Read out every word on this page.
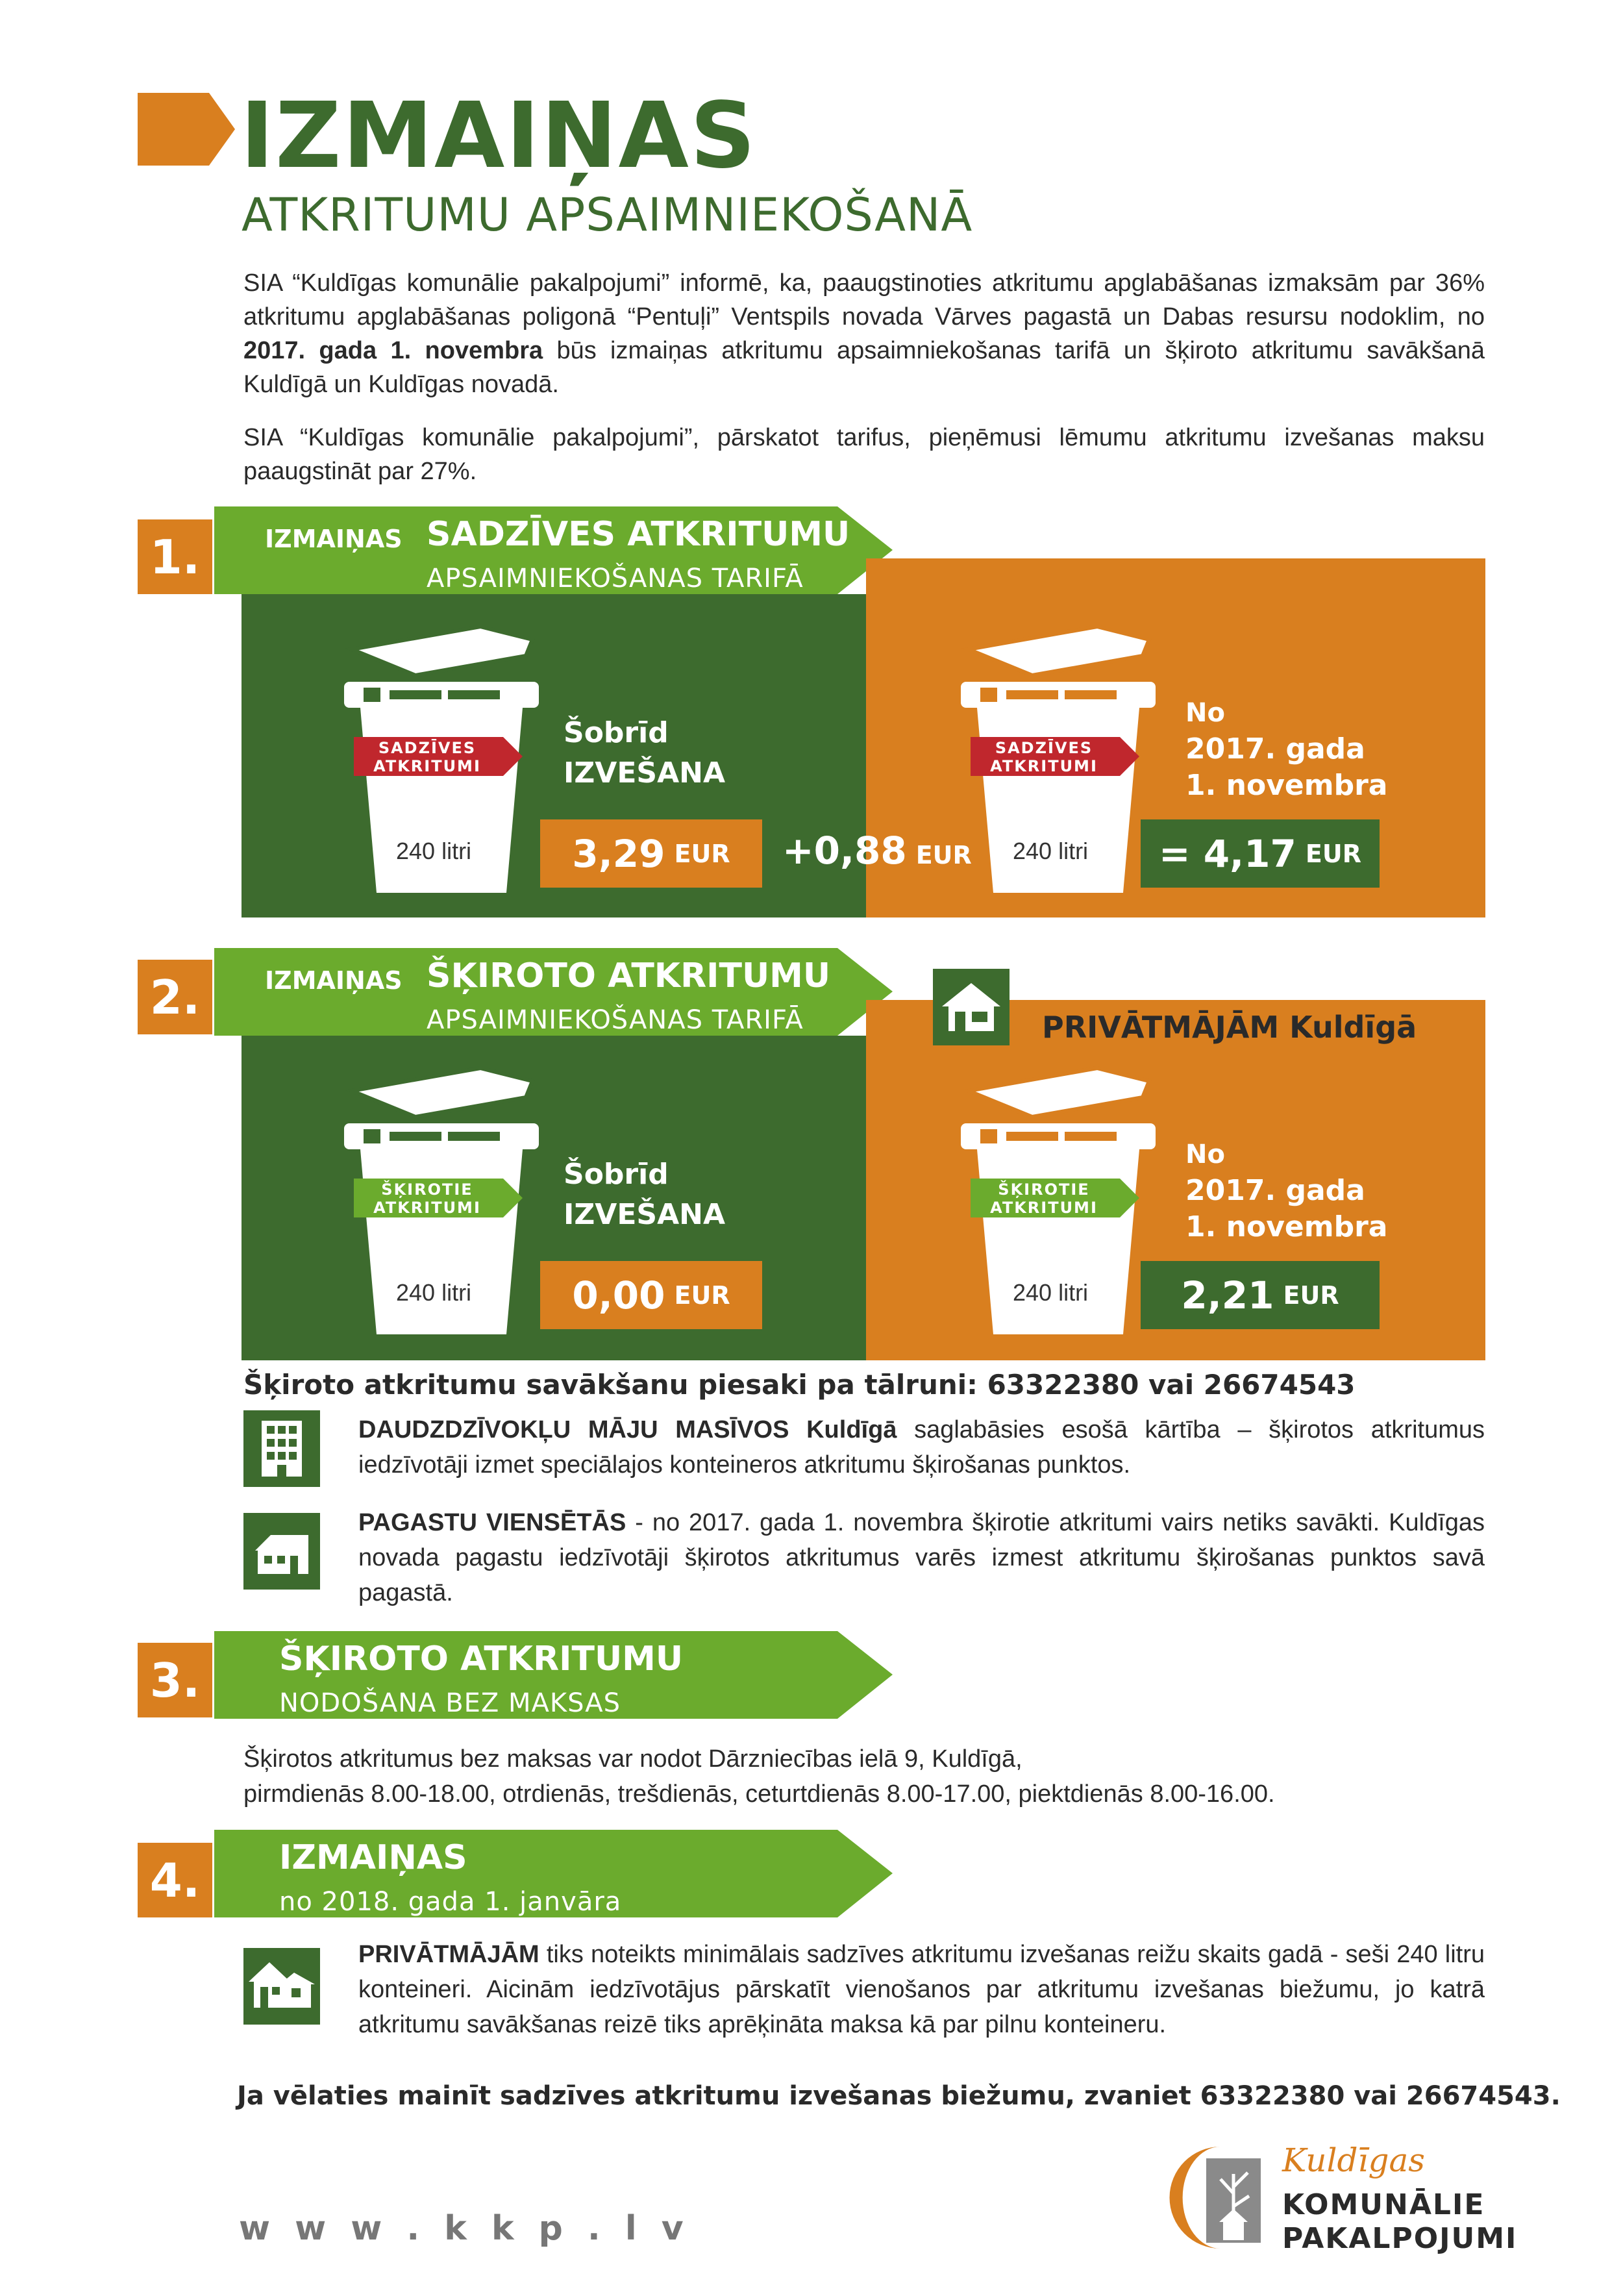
IZMAIŅAS
ATKRITUMU APSAIMNIEKOŠANĀ
SIA “Kuldīgas komunālie pakalpojumi” informē, ka, paaugstinoties atkritumu apglabāšanas izmaksām par 36% atkritumu apglabāšanas poligonā “Pentuļi” Ventspils novada Vārves pagastā un Dabas resursu nodoklim, no 2017. gada 1. novembra būs izmaiņas atkritumu apsaimniekošanas tarifā un šķiroto atkritumu savākšanā Kuldīgā un Kuldīgas novadā.
SIA “Kuldīgas komunālie pakalpojumi”, pārskatot tarifus, pieņēmusi lēmumu atkritumu izvešanas maksu paaugstināt par 27%.
1.	IZMAIŅAS SADZĪVES ATKRITUMU
APSAIMNIEKOŠANAS TARIFĀ
SADZĪVES
ATKRITUMI
240 litri
Šobrīd
IZVEŠANA
3,29 EUR +0,88 EUR
SADZĪVES
ATKRITUMI
240 litri
No
2017. gada
1. novembra
= 4,17 EUR
2.	IZMAIŅAS ŠĶIROTO ATKRITUMU
APSAIMNIEKOŠANAS TARIFĀ	PRIVĀTMĀJĀM Kuldīgā
ŠĶIROTIE
ATKRITUMI
240 litri
Šobrīd
IZVEŠANA
0,00 EUR
ŠĶIROTIE
ATKRITUMI
240 litri
No
2017. gada
1. novembra
2,21 EUR
Šķiroto atkritumu savākšanu piesaki pa tālruni: 63322380 vai 26674543
DAUDZDZĪVOKĻU MĀJU MASĪVOS Kuldīgā saglabāsies esošā kārtība – šķirotos atkritumus iedzīvotāji izmet speciālajos konteineros atkritumu šķirošanas punktos.
PAGASTU VIENSĒTĀS - no 2017. gada 1. novembra šķirotie atkritumi vairs netiks savākti. Kuldīgas novada pagastu iedzīvotāji šķirotos atkritumus varēs izmest atkritumu šķirošanas punktos savā pagastā.
3.	ŠĶIROTO ATKRITUMU
NODOŠANA BEZ MAKSAS
Šķirotos atkritumus bez maksas var nodot Dārzniecības ielā 9, Kuldīgā,
pirmdienās 8.00-18.00, otrdienās, trešdienās, ceturtdienās 8.00-17.00, piektdienās 8.00-16.00.
4.	IZMAIŅAS
no 2018. gada 1. janvāra
PRIVĀTMĀJĀM tiks noteikts minimālais sadzīves atkritumu izvešanas reižu skaits gadā - seši 240 litru konteineri. Aicinām iedzīvotājus pārskatīt vienošanos par atkritumu izvešanas biežumu, jo katrā atkritumu savākšanas reizē tiks aprēķināta maksa kā par pilnu konteineru.
Ja vēlaties mainīt sadzīves atkritumu izvešanas biežumu, zvaniet 63322380 vai 26674543.
w w w . k k p . l v
Kuldīgas
KOMUNĀLIE
PAKALPOJUMI
